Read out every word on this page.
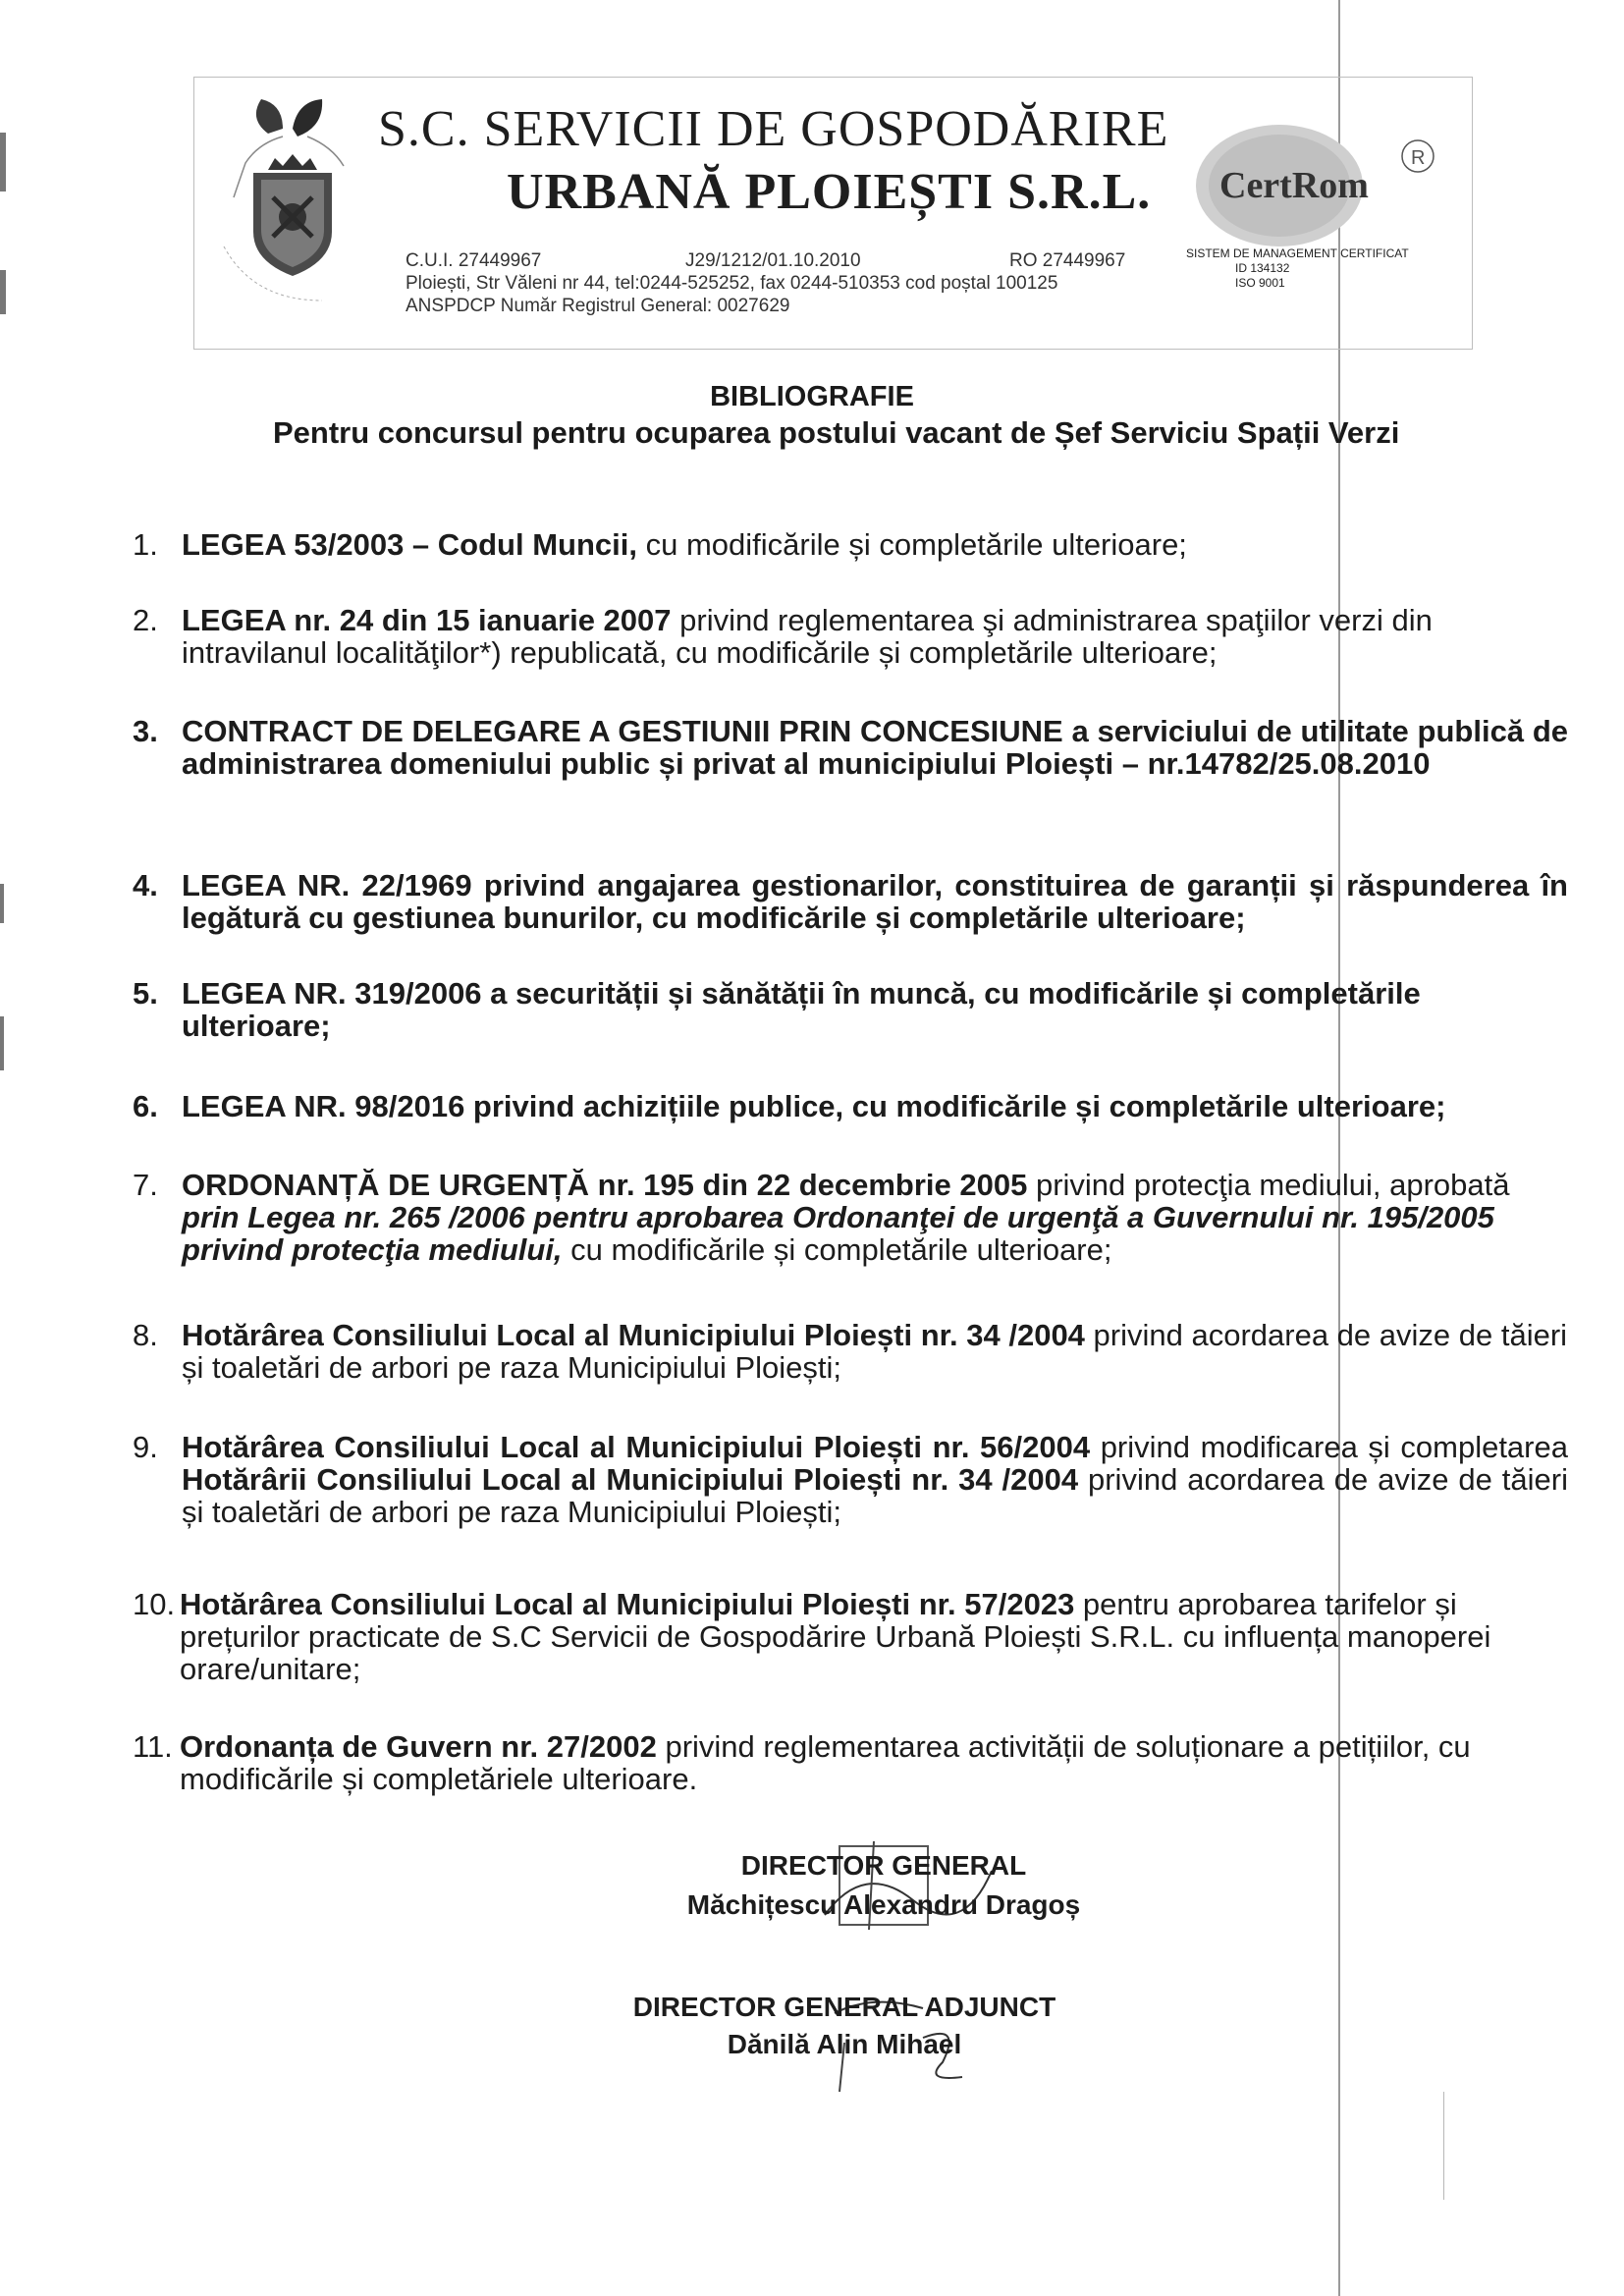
S.C. SERVICII DE GOSPODĂRIRE
URBANĂ PLOIEȘTI S.R.L. CertRom
R
SISTEM DE MANAGEMENT CERTIFICAT
ID 134132
ISO 9001
C.U.I. 27449967	J29/1212/01.10.2010	RO 27449967
Ploiești, Str Văleni nr 44, tel:0244-525252, fax 0244-510353 cod poștal 100125
ANSPDCP Număr Registrul General: 0027629
BIBLIOGRAFIE
Pentru concursul pentru ocuparea postului vacant de Șef Serviciu Spații Verzi
1. LEGEA 53/2003 – Codul Muncii, cu modificările și completările ulterioare;
2. LEGEA nr. 24 din 15 ianuarie 2007 privind reglementarea şi administrarea spaţiilor verzi din intravilanul localităţilor*) republicată, cu modificările și completările ulterioare;
3. CONTRACT DE DELEGARE A GESTIUNII PRIN CONCESIUNE a serviciului de utilitate publică de administrarea domeniului public și privat al municipiului Ploiești – nr.14782/25.08.2010
4. LEGEA NR. 22/1969 privind angajarea gestionarilor, constituirea de garanții și răspunderea în legătură cu gestiunea bunurilor, cu modificările și completările ulterioare;
5. LEGEA NR. 319/2006 a securității și sănătății în muncă, cu modificările și completările ulterioare;
6. LEGEA NR. 98/2016 privind achizițiile publice, cu modificările și completările ulterioare;
7. ORDONANȚĂ DE URGENȚĂ nr. 195 din 22 decembrie 2005 privind protecţia mediului, aprobată prin Legea nr. 265 /2006 pentru aprobarea Ordonanţei de urgenţă a Guvernului nr. 195/2005 privind protecţia mediului, cu modificările și completările ulterioare;
8. Hotărârea Consiliului Local al Municipiului Ploiești nr. 34 /2004 privind acordarea de avize de tăieri și toaletări de arbori pe raza Municipiului Ploiești;
9. Hotărârea Consiliului Local al Municipiului Ploiești nr. 56/2004 privind modificarea și completarea Hotărârii Consiliului Local al Municipiului Ploiești nr. 34 /2004 privind acordarea de avize de tăieri și toaletări de arbori pe raza Municipiului Ploiești;
10. Hotărârea Consiliului Local al Municipiului Ploiești nr. 57/2023 pentru aprobarea tarifelor și prețurilor practicate de S.C Servicii de Gospodărire Urbană Ploiești S.R.L. cu influența manoperei orare/unitare;
11. Ordonanța de Guvern nr. 27/2002 privind reglementarea activității de soluționare a petițiilor, cu modificările și completăriele ulterioare.
DIRECTOR GENERAL
Măchițescu Alexandru Dragoș
DIRECTOR GENERAL ADJUNCT
Dănilă Alin Mihael
